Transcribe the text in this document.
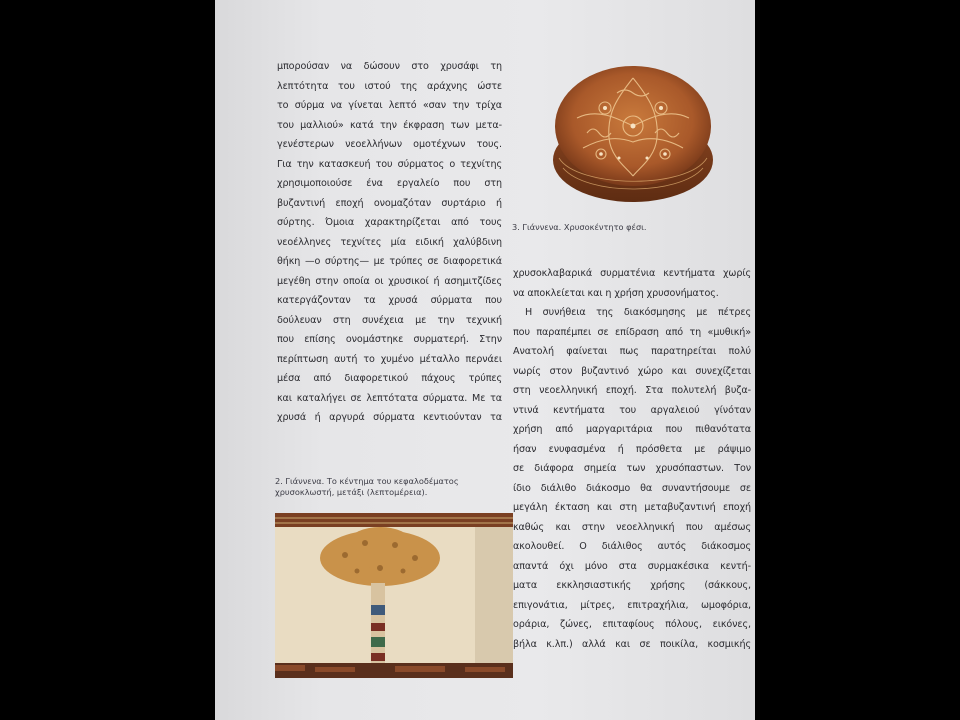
μπορούσαν να δώσουν στο χρυσάφι τη
λεπτότητα του ιστού της αράχνης ώστε
το σύρμα να γίνεται λεπτό «σαν την τρίχα
του μαλλιού» κατά την έκφραση των μετα-
γενέστερων νεοελλήνων ομοτέχνων τους.
Για την κατασκευή του σύρματος ο τεχνίτης
χρησιμοποιούσε ένα εργαλείο που στη
βυζαντινή εποχή ονομαζόταν συρτάριο ή
σύρτης. Όμοια χαρακτηρίζεται από τους
νεοέλληνες τεχνίτες μία ειδική χαλύβδινη
θήκη —ο σύρτης— με τρύπες σε διαφορετικά
μεγέθη στην οποία οι χρυσικοί ή ασημιτζίδες
κατεργάζονταν τα χρυσά σύρματα που
δούλευαν στη συνέχεια με την τεχνική
που επίσης ονομάστηκε συρματερή. Στην
περίπτωση αυτή το χυμένο μέταλλο περνάει
μέσα από διαφορετικού πάχους τρύπες
και καταλήγει σε λεπτότατα σύρματα. Με τα
χρυσά ή αργυρά σύρματα κεντιούνταν τα
χρυσοκλαβαρικά συρματένια κεντήματα χωρίς
να αποκλείεται και η χρήση χρυσονήματος.
Η συνήθεια της διακόσμησης με πέτρες
που παραπέμπει σε επίδραση από τη «μυθική»
Ανατολή φαίνεται πως παρατηρείται πολύ
νωρίς στον βυζαντινό χώρο και συνεχίζεται
στη νεοελληνική εποχή. Στα πολυτελή βυζα-
ντινά κεντήματα του αργαλειού γίνόταν
χρήση από μαργαριτάρια που πιθανότατα
ήσαν ενυφασμένα ή πρόσθετα με ράψιμο
σε διάφορα σημεία των χρυσόπαστων. Τον
ίδιο διάλιθο διάκοσμο θα συναντήσουμε σε
μεγάλη έκταση και στη μεταβυζαντινή εποχή
καθώς και στην νεοελληνική που αμέσως
ακολουθεί. Ο διάλιθος αυτός διάκοσμος
απαντά όχι μόνο στα συρμακέσικα κεντή-
ματα εκκλησιαστικής χρήσης (σάκκους,
επιγονάτια, μίτρες, επιτραχήλια, ωμοφόρια,
οράρια, ζώνες, επιταφίους πόλους, εικόνες,
βήλα κ.λπ.) αλλά και σε ποικίλα, κοσμικής
3. Γιάννενα. Χρυσοκέντητο φέσι.
2. Γιάννενα. Το κέντημα του κεφαλοδέματος χρυσοκλωστή, μετάξι (λεπτομέρεια).
